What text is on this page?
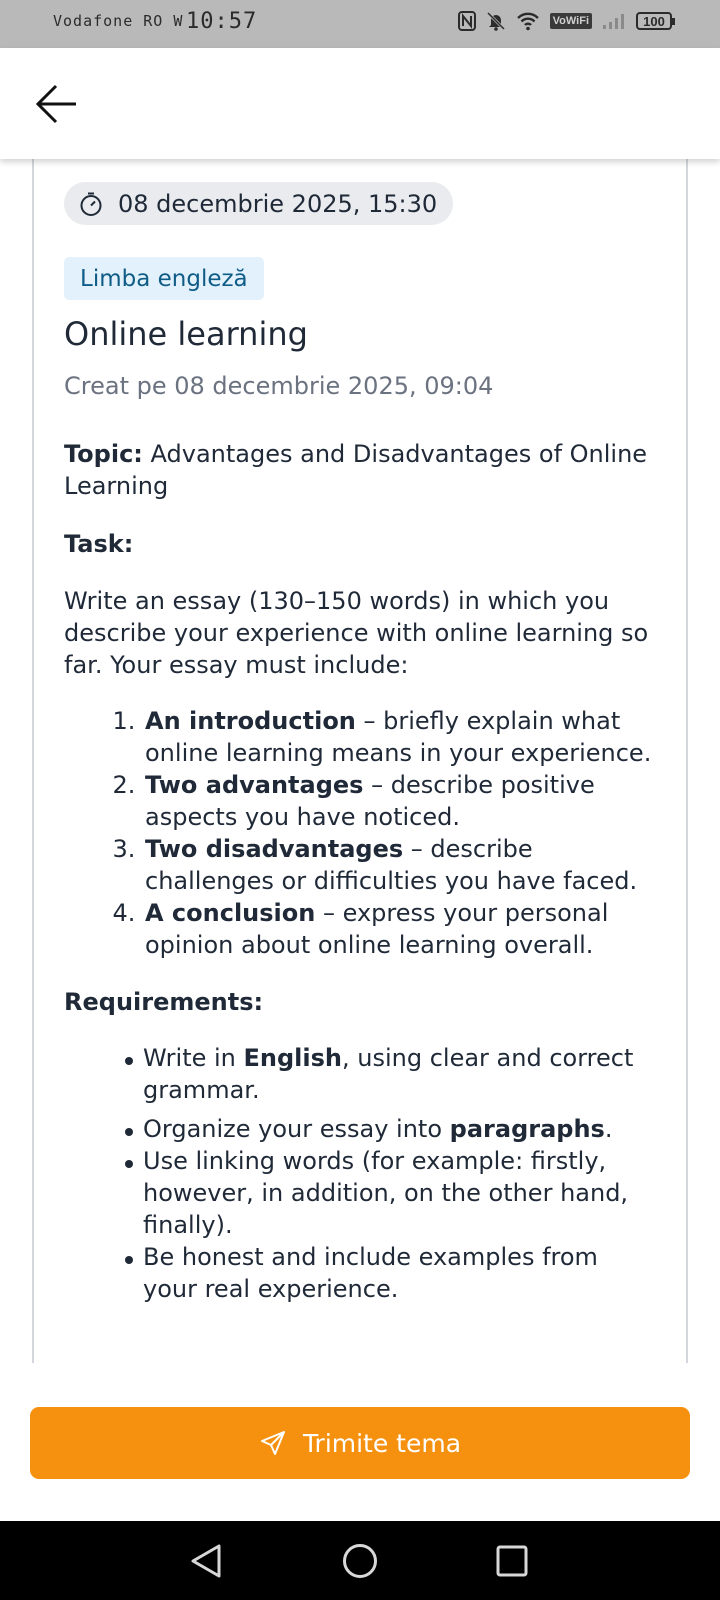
Vodafone RO W 10:57	VoWiFi	100
08 decembrie 2025, 15:30
Limba engleză
Online learning
Creat pe 08 decembrie 2025, 09:04

Topic: Advantages and Disadvantages of Online Learning

Task:

Write an essay (130–150 words) in which you describe your experience with online learning so far. Your essay must include:

1. An introduction – briefly explain what online learning means in your experience.
2. Two advantages – describe positive aspects you have noticed.
3. Two disadvantages – describe challenges or difficulties you have faced.
4. A conclusion – express your personal opinion about online learning overall.

Requirements:

Write in English, using clear and correct grammar.
Organize your essay into paragraphs.
Use linking words (for example: firstly, however, in addition, on the other hand, finally).
Be honest and include examples from your real experience.
Trimite tema
